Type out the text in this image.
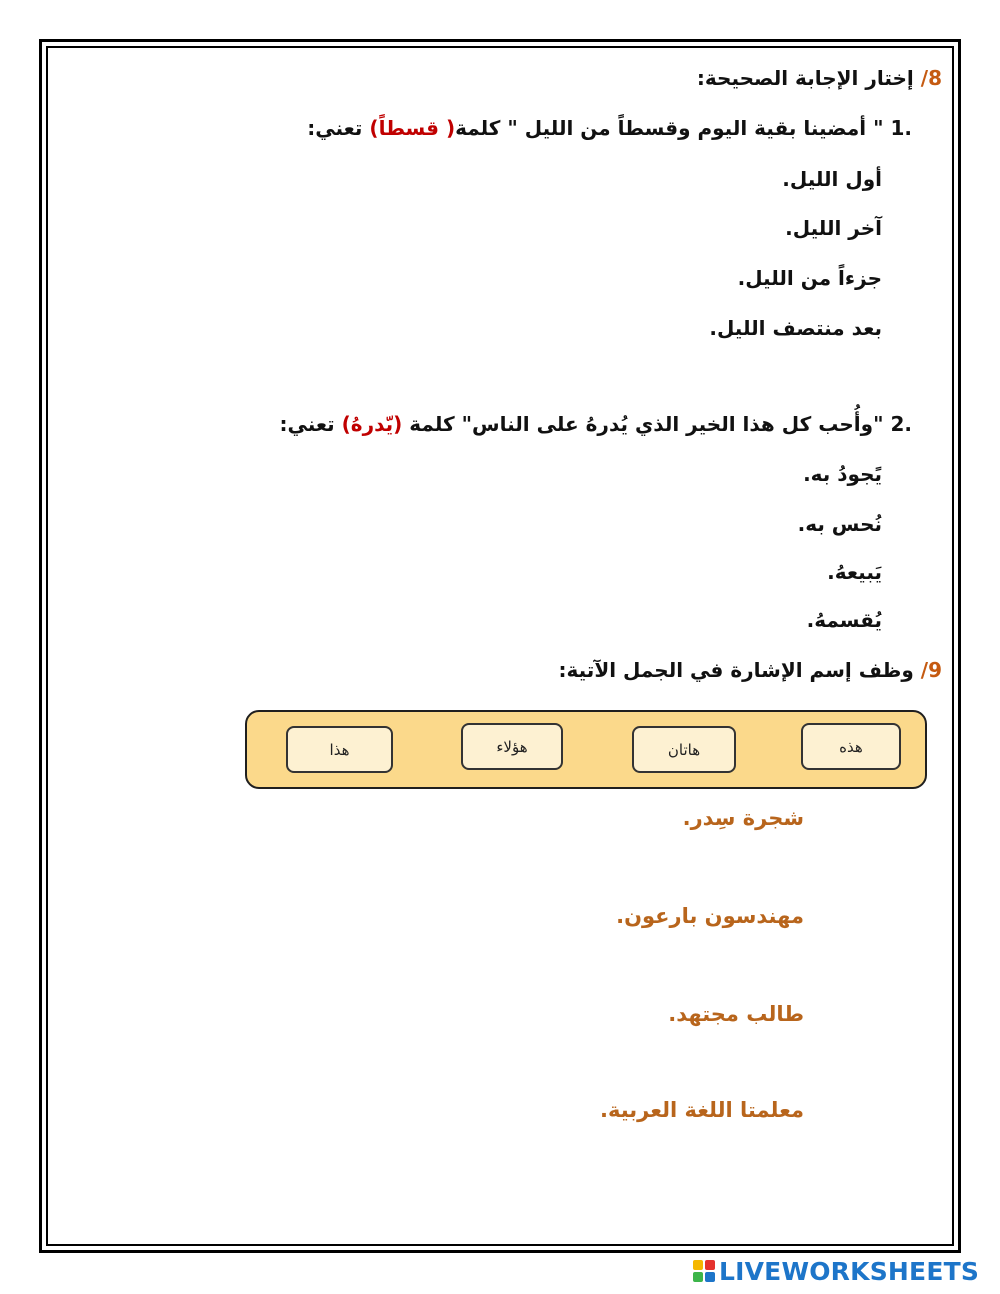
8/ إختار الإجابة الصحيحة:
.1 " أمضينا بقية اليوم وقسطاً من الليل " كلمة( قسطاً) تعني:
أول الليل.
آخر الليل.
جزءاً من الليل.
بعد منتصف الليل.
.2 "وأُحب كل هذا الخير الذي يُدرهُ على الناس" كلمة (يّدرهُ) تعني:
يًجودُ به.
نُحس به.
يَبيعهُ.
يُقسمهُ.
9/ وظف إسم الإشارة في الجمل الآتية:
هذه
هاتان
هؤلاء
هذا
شجرة سِدر.
مهندسون بارعون.
طالب مجتهد.
معلمتا اللغة العربية.
LIVEWORKSHEETS
